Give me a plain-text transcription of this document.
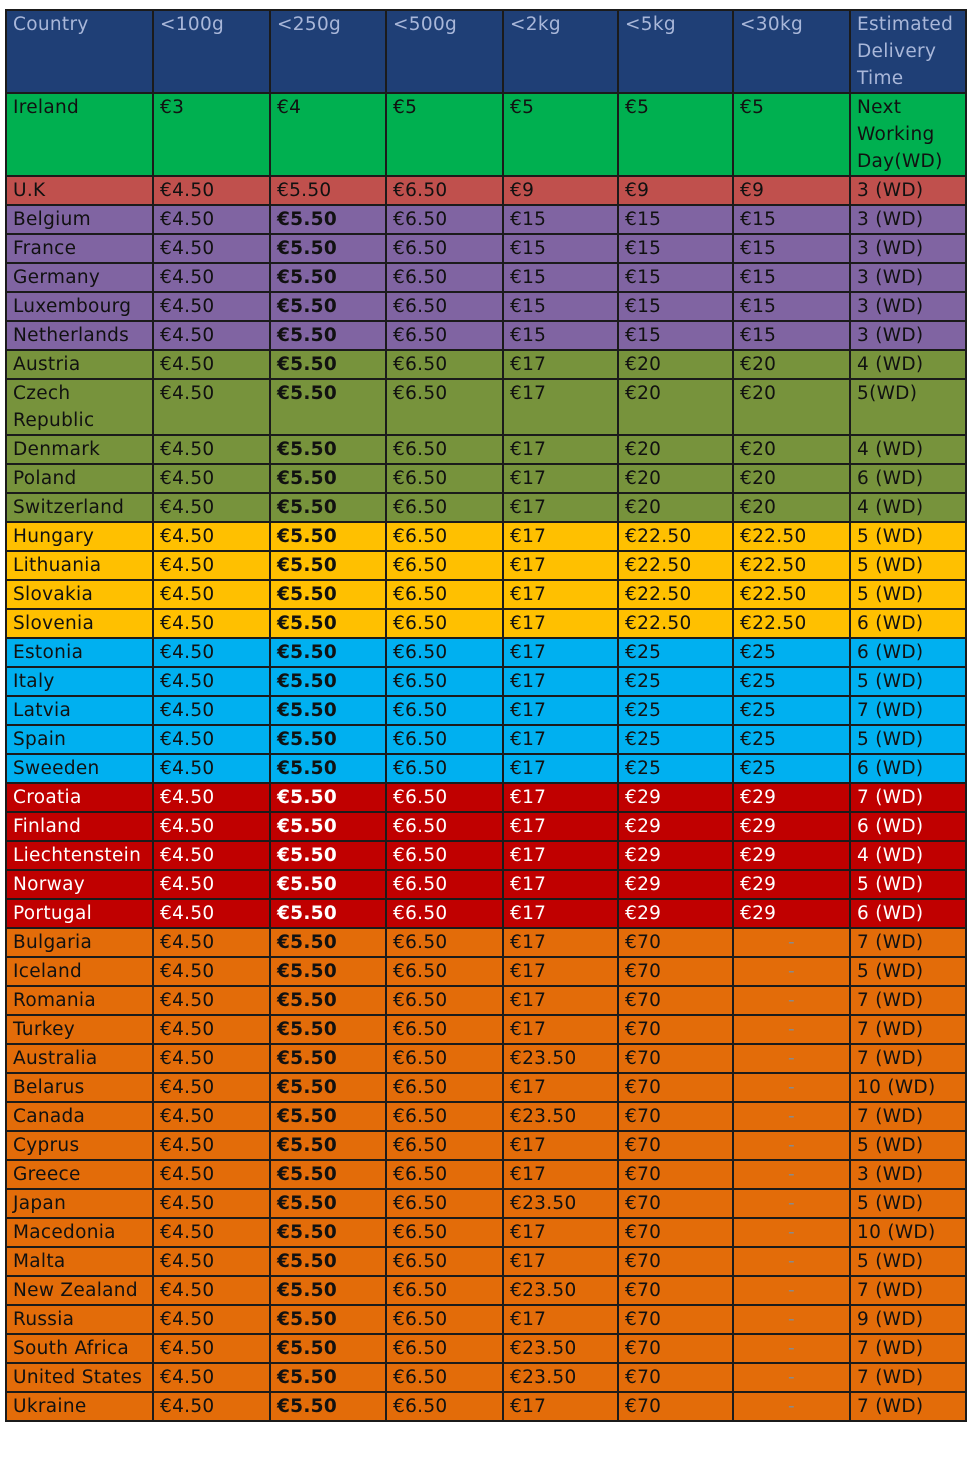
Country	<100g	<250g	<500g	<2kg	<5kg	<30kg	Estimated Delivery Time
Ireland	€3	€4	€5	€5	€5	€5	Next Working Day(WD)
U.K	€4.50	€5.50	€6.50	€9	€9	€9	3 (WD)
Belgium	€4.50	€5.50	€6.50	€15	€15	€15	3 (WD)
France	€4.50	€5.50	€6.50	€15	€15	€15	3 (WD)
Germany	€4.50	€5.50	€6.50	€15	€15	€15	3 (WD)
Luxembourg	€4.50	€5.50	€6.50	€15	€15	€15	3 (WD)
Netherlands	€4.50	€5.50	€6.50	€15	€15	€15	3 (WD)
Austria	€4.50	€5.50	€6.50	€17	€20	€20	4 (WD)
Czech Republic	€4.50	€5.50	€6.50	€17	€20	€20	5(WD)
Denmark	€4.50	€5.50	€6.50	€17	€20	€20	4 (WD)
Poland	€4.50	€5.50	€6.50	€17	€20	€20	6 (WD)
Switzerland	€4.50	€5.50	€6.50	€17	€20	€20	4 (WD)
Hungary	€4.50	€5.50	€6.50	€17	€22.50	€22.50	5 (WD)
Lithuania	€4.50	€5.50	€6.50	€17	€22.50	€22.50	5 (WD)
Slovakia	€4.50	€5.50	€6.50	€17	€22.50	€22.50	5 (WD)
Slovenia	€4.50	€5.50	€6.50	€17	€22.50	€22.50	6 (WD)
Estonia	€4.50	€5.50	€6.50	€17	€25	€25	6 (WD)
Italy	€4.50	€5.50	€6.50	€17	€25	€25	5 (WD)
Latvia	€4.50	€5.50	€6.50	€17	€25	€25	7 (WD)
Spain	€4.50	€5.50	€6.50	€17	€25	€25	5 (WD)
Sweeden	€4.50	€5.50	€6.50	€17	€25	€25	6 (WD)
Croatia	€4.50	€5.50	€6.50	€17	€29	€29	7 (WD)
Finland	€4.50	€5.50	€6.50	€17	€29	€29	6 (WD)
Liechtenstein	€4.50	€5.50	€6.50	€17	€29	€29	4 (WD)
Norway	€4.50	€5.50	€6.50	€17	€29	€29	5 (WD)
Portugal	€4.50	€5.50	€6.50	€17	€29	€29	6 (WD)
Bulgaria	€4.50	€5.50	€6.50	€17	€70	-	7 (WD)
Iceland	€4.50	€5.50	€6.50	€17	€70	-	5 (WD)
Romania	€4.50	€5.50	€6.50	€17	€70	-	7 (WD)
Turkey	€4.50	€5.50	€6.50	€17	€70	-	7 (WD)
Australia	€4.50	€5.50	€6.50	€23.50	€70	-	7 (WD)
Belarus	€4.50	€5.50	€6.50	€17	€70	-	10 (WD)
Canada	€4.50	€5.50	€6.50	€23.50	€70	-	7 (WD)
Cyprus	€4.50	€5.50	€6.50	€17	€70	-	5 (WD)
Greece	€4.50	€5.50	€6.50	€17	€70	-	3 (WD)
Japan	€4.50	€5.50	€6.50	€23.50	€70	-	5 (WD)
Macedonia	€4.50	€5.50	€6.50	€17	€70	-	10 (WD)
Malta	€4.50	€5.50	€6.50	€17	€70	-	5 (WD)
New Zealand	€4.50	€5.50	€6.50	€23.50	€70	-	7 (WD)
Russia	€4.50	€5.50	€6.50	€17	€70	-	9 (WD)
South Africa	€4.50	€5.50	€6.50	€23.50	€70	-	7 (WD)
United States	€4.50	€5.50	€6.50	€23.50	€70	-	7 (WD)
Ukraine	€4.50	€5.50	€6.50	€17	€70	-	7 (WD)
